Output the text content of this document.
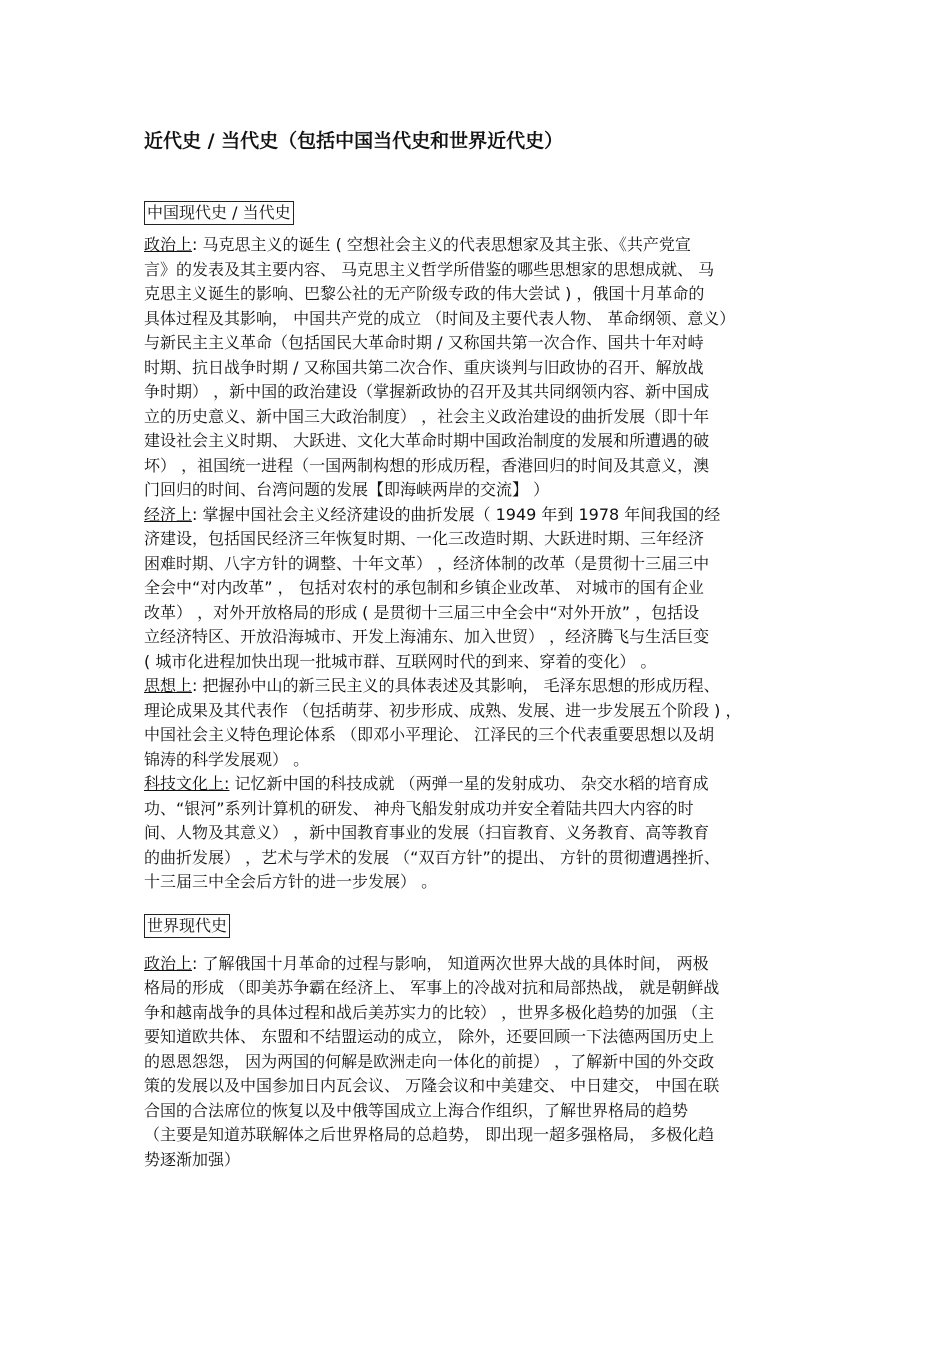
近代史 / 当代史（包括中国当代史和世界近代史）
中国现代史 / 当代史

政治上: 马克思主义的诞生 ( 空想社会主义的代表思想家及其主张、《共产党宣
言》的发表及其主要内容、 马克思主义哲学所借鉴的哪些思想家的思想成就、 马
克思主义诞生的影响、巴黎公社的无产阶级专政的伟大尝试 ) ，俄国十月革命的
具体过程及其影响， 中国共产党的成立 （时间及主要代表人物、 革命纲领、意义）
与新民主主义革命（包括国民大革命时期 / 又称国共第一次合作、国共十年对峙
时期、抗日战争时期 / 又称国共第二次合作、重庆谈判与旧政协的召开、解放战
争时期） ，新中国的政治建设（掌握新政协的召开及其共同纲领内容、新中国成
立的历史意义、新中国三大政治制度） ，社会主义政治建设的曲折发展（即十年
建设社会主义时期、 大跃进、文化大革命时期中国政治制度的发展和所遭遇的破
坏） ，祖国统一进程（一国两制构想的形成历程，香港回归的时间及其意义，澳
门回归的时间、台湾问题的发展【即海峡两岸的交流】 ）

经济上: 掌握中国社会主义经济建设的曲折发展（ 1949 年到 1978 年间我国的经
济建设，包括国民经济三年恢复时期、一化三改造时期、大跃进时期、三年经济
困难时期、八字方针的调整、十年文革） ，经济体制的改革（是贯彻十三届三中
全会中“对内改革” ， 包括对农村的承包制和乡镇企业改革、 对城市的国有企业
改革） ，对外开放格局的形成 ( 是贯彻十三届三中全会中“对外开放” ，包括设
立经济特区、开放沿海城市、开发上海浦东、加入世贸） ，经济腾飞与生活巨变
( 城市化进程加快出现一批城市群、互联网时代的到来、穿着的变化） 。

思想上: 把握孙中山的新三民主义的具体表述及其影响， 毛泽东思想的形成历程、
理论成果及其代表作 （包括萌芽、初步形成、成熟、发展、进一步发展五个阶段 ) ，
中国社会主义特色理论体系 （即邓小平理论、 江泽民的三个代表重要思想以及胡
锦涛的科学发展观） 。

科技文化上: 记忆新中国的科技成就 （两弹一星的发射成功、 杂交水稻的培育成
功、“银河”系列计算机的研发、 神舟飞船发射成功并安全着陆共四大内容的时
间、人物及其意义） ，新中国教育事业的发展（扫盲教育、义务教育、高等教育
的曲折发展） ，艺术与学术的发展 （“双百方针”的提出、 方针的贯彻遭遇挫折、
十三届三中全会后方针的进一步发展） 。

世界现代史

政治上: 了解俄国十月革命的过程与影响， 知道两次世界大战的具体时间， 两极
格局的形成 （即美苏争霸在经济上、 军事上的冷战对抗和局部热战， 就是朝鲜战
争和越南战争的具体过程和战后美苏实力的比较） ，世界多极化趋势的加强 （主
要知道欧共体、 东盟和不结盟运动的成立， 除外，还要回顾一下法德两国历史上
的恩恩怨怨， 因为两国的何解是欧洲走向一体化的前提） ，了解新中国的外交政
策的发展以及中国参加日内瓦会议、 万隆会议和中美建交、 中日建交， 中国在联
合国的合法席位的恢复以及中俄等国成立上海合作组织，了解世界格局的趋势
（主要是知道苏联解体之后世界格局的总趋势， 即出现一超多强格局， 多极化趋
势逐渐加强）
